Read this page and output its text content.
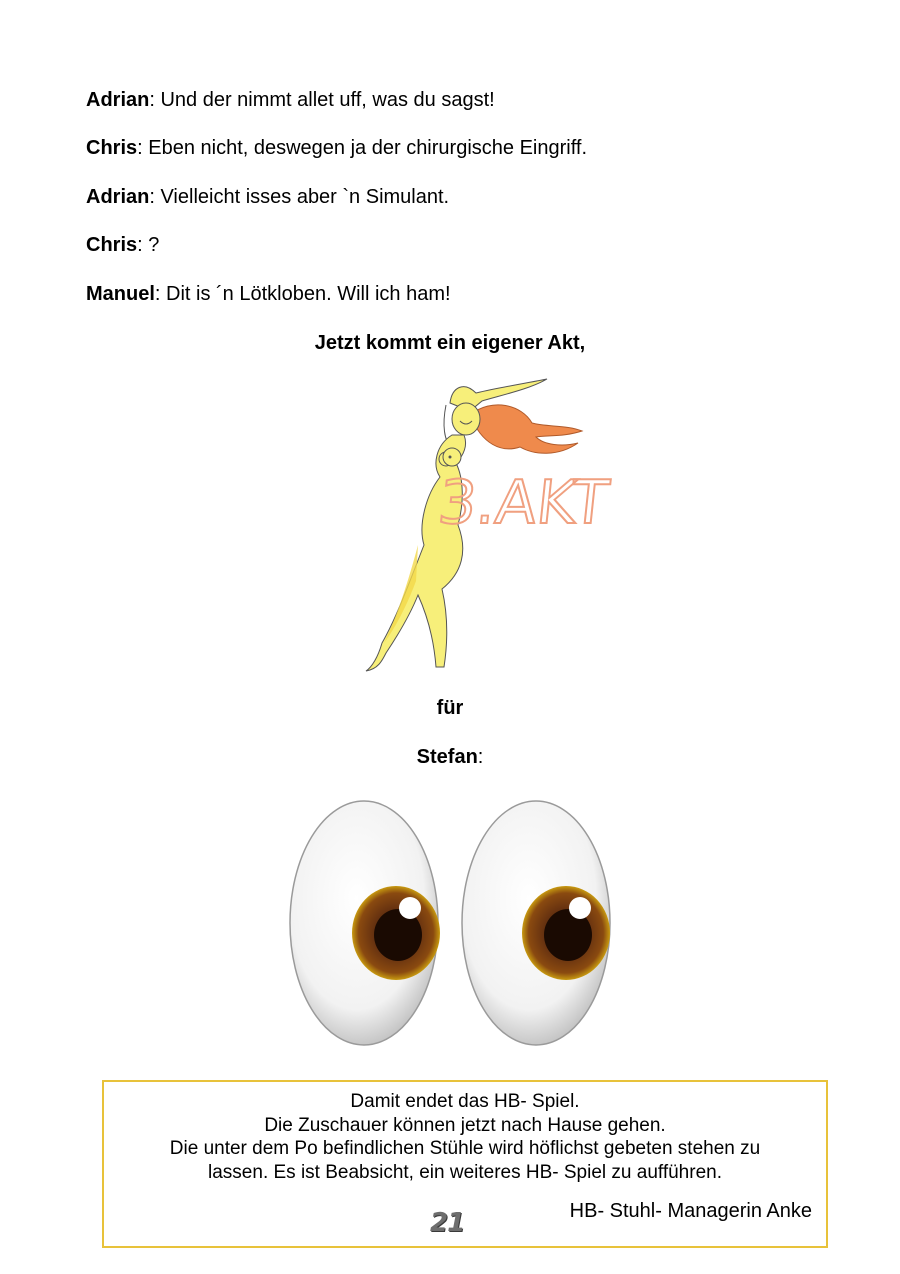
Adrian: Und der nimmt allet uff, was du sagst!
Chris: Eben nicht, deswegen ja der chirurgische Eingriff.
Adrian: Vielleicht isses aber `n Simulant.
Chris: ?
Manuel: Dit is ´n Lötkloben. Will ich ham!
Jetzt kommt ein eigener Akt,
3.AKT
für
Stefan:
Damit endet das HB- Spiel.
Die Zuschauer können jetzt nach Hause gehen.
Die unter dem Po befindlichen Stühle wird höflichst gebeten stehen zu
lassen. Es ist Beabsicht, ein weiteres HB- Spiel zu aufführen.
HB- Stuhl- Managerin Anke
21
